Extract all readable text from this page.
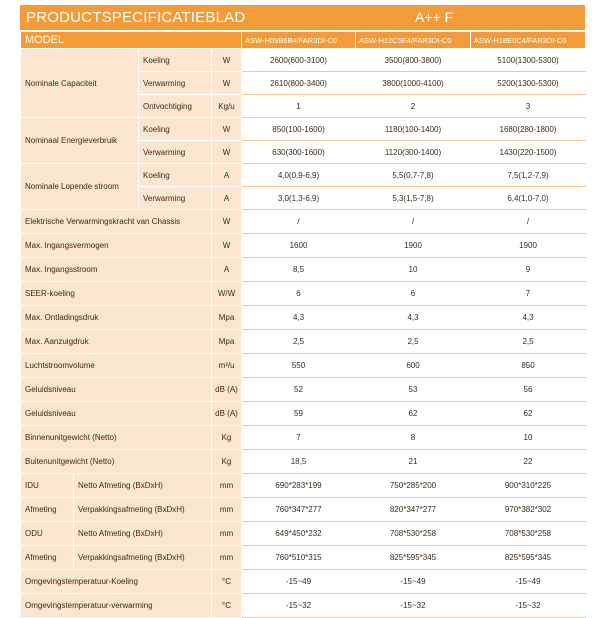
PRODUCTSPECIFICATIEBLAD	A++ F
MODEL				ASW-H09B6B4/FAR3DI-C0	ASW-H12C5E4/FAR3DI-C0	ASW-H18E0C4/FAR3DI-C0
Nominale Capaciteit		Koeling	W	2600(600-3100)	3500(800-3800)	5100(1300-5300)
		Verwarming	W	2610(800-3400)	3800(1000-4100)	5200(1300-5300)
		Ontvochtiging	Kg/u	1	2	3
Nominaal Energieverbruik		Koeling	W	850(100-1600)	1180(100-1400)	1680(280-1800)
		Verwarming	W	630(300-1600)	1120(300-1400)	1430(220-1500)
Nominale Lopende stroom		Koeling	A	4,0(0,9-6,9)	5,5(0,7-7,8)	7,5(1,2-7,9)
		Verwarming	A	3,0(1,3-6,9)	5,3(1,5-7,8)	6,4(1,0-7,0)
Elektrische Verwarmingskracht van Chassis			W	/	/	/
Max. Ingangsvermogen			W	1600	1900	1900
Max. Ingangsstroom			A	8,5	10	9
SEER-koeling			W/W	6	6	7
Max. Ontladingsdruk			Mpa	4,3	4,3	4,3
Max. Aanzuigdruk			Mpa	2,5	2,5	2,5
Luchtstroomvolume			m³/u	550	600	850
Geluidsniveau			dB (A)	52	53	56
Geluidsniveau			dB (A)	59	62	62
Binnenunitgewicht (Netto)			Kg	7	8	10
Buitenunitgewicht (Netto)			Kg	18,5	21	22
IDU	Netto Afmeting (BxDxH)		mm	690*283*199	750*285*200	900*310*225
Afmeting	Verpakkingsafmeting (BxDxH)		mm	760*347*277	820*347*277	970*382*302
ODU	Netto Afmeting (BxDxH)		mm	649*450*232	708*530*258	708*530*258
Afmeting	Verpakkingsafmeting (BxDxH)		mm	760*510*315	825*595*345	825*595*345
Omgevingstemperatuur-Koeling			°C	-15~49	-15~49	-15~49
Omgevingstemperatuur-verwarming			°C	-15~32	-15~32	-15~32
